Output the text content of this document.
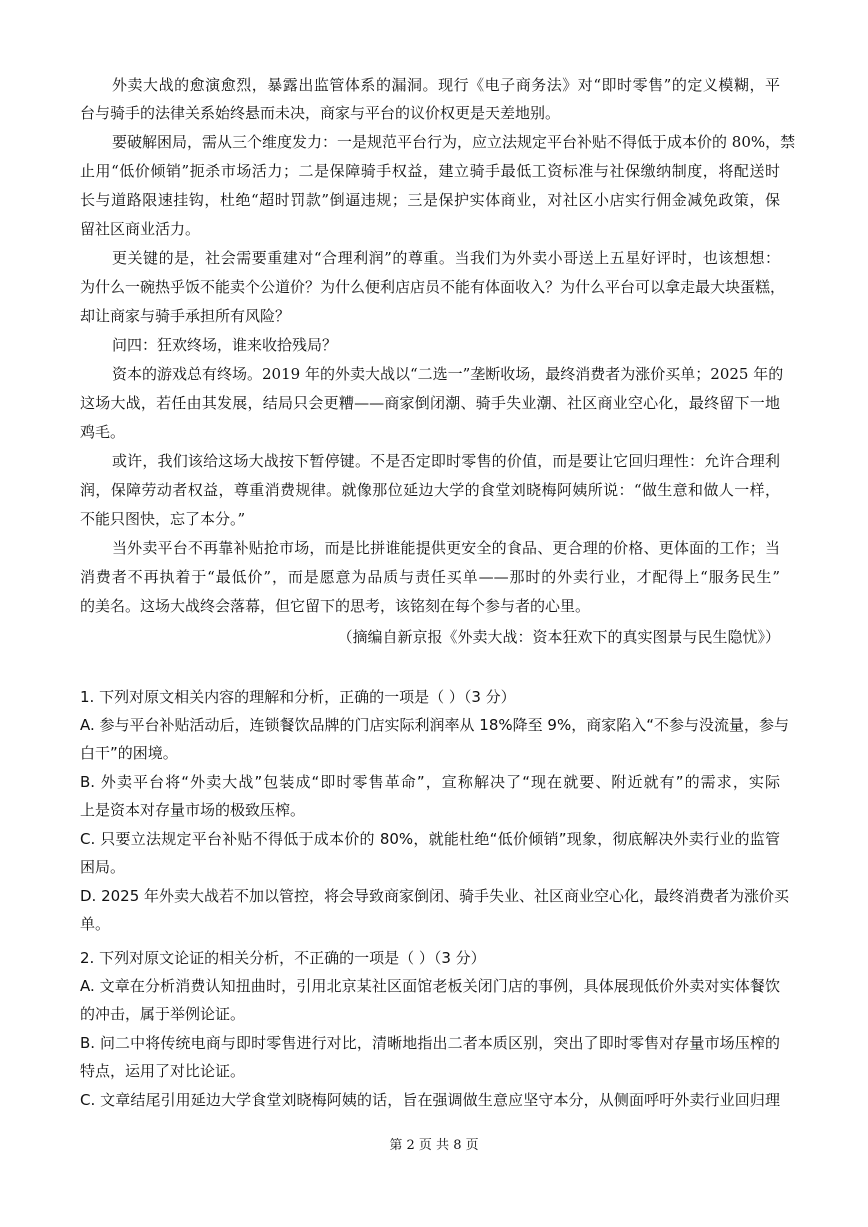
外卖大战的愈演愈烈，暴露出监管体系的漏洞。现行《电子商务法》对“即时零售”的定义模糊，平
台与骑手的法律关系始终悬而未决，商家与平台的议价权更是天差地别。
要破解困局，需从三个维度发力：一是规范平台行为，应立法规定平台补贴不得低于成本价的 80%，禁
止用“低价倾销”扼杀市场活力；二是保障骑手权益，建立骑手最低工资标准与社保缴纳制度，将配送时
长与道路限速挂钩，杜绝“超时罚款”倒逼违规；三是保护实体商业，对社区小店实行佣金减免政策，保
留社区商业活力。
更关键的是，社会需要重建对“合理利润”的尊重。当我们为外卖小哥送上五星好评时，也该想想：
为什么一碗热乎饭不能卖个公道价？为什么便利店店员不能有体面收入？为什么平台可以拿走最大块蛋糕，
却让商家与骑手承担所有风险？
问四：狂欢终场，谁来收拾残局？
资本的游戏总有终场。2019 年的外卖大战以“二选一”垄断收场，最终消费者为涨价买单；2025 年的
这场大战，若任由其发展，结局只会更糟——商家倒闭潮、骑手失业潮、社区商业空心化，最终留下一地
鸡毛。
或许，我们该给这场大战按下暂停键。不是否定即时零售的价值，而是要让它回归理性：允许合理利
润，保障劳动者权益，尊重消费规律。就像那位延边大学的食堂刘晓梅阿姨所说：“做生意和做人一样，
不能只图快，忘了本分。”
当外卖平台不再靠补贴抢市场，而是比拼谁能提供更安全的食品、更合理的价格、更体面的工作；当
消费者不再执着于“最低价”，而是愿意为品质与责任买单——那时的外卖行业，才配得上“服务民生”
的美名。这场大战终会落幕，但它留下的思考，该铭刻在每个参与者的心里。
（摘编自新京报《外卖大战：资本狂欢下的真实图景与民生隐忧》）
1. 下列对原文相关内容的理解和分析，正确的一项是（ ）（3 分）
A. 参与平台补贴活动后，连锁餐饮品牌的门店实际利润率从 18%降至 9%，商家陷入“不参与没流量，参与
白干”的困境。
B. 外卖平台将“外卖大战”包装成“即时零售革命”，宣称解决了“现在就要、附近就有”的需求，实际
上是资本对存量市场的极致压榨。
C. 只要立法规定平台补贴不得低于成本价的 80%，就能杜绝“低价倾销”现象，彻底解决外卖行业的监管
困局。
D. 2025 年外卖大战若不加以管控，将会导致商家倒闭、骑手失业、社区商业空心化，最终消费者为涨价买
单。
2. 下列对原文论证的相关分析，不正确的一项是（ ）（3 分）
A. 文章在分析消费认知扭曲时，引用北京某社区面馆老板关闭门店的事例，具体展现低价外卖对实体餐饮
的冲击，属于举例论证。
B. 问二中将传统电商与即时零售进行对比，清晰地指出二者本质区别，突出了即时零售对存量市场压榨的
特点，运用了对比论证。
C. 文章结尾引用延边大学食堂刘晓梅阿姨的话，旨在强调做生意应坚守本分，从侧面呼吁外卖行业回归理
第 2 页 共 8 页
